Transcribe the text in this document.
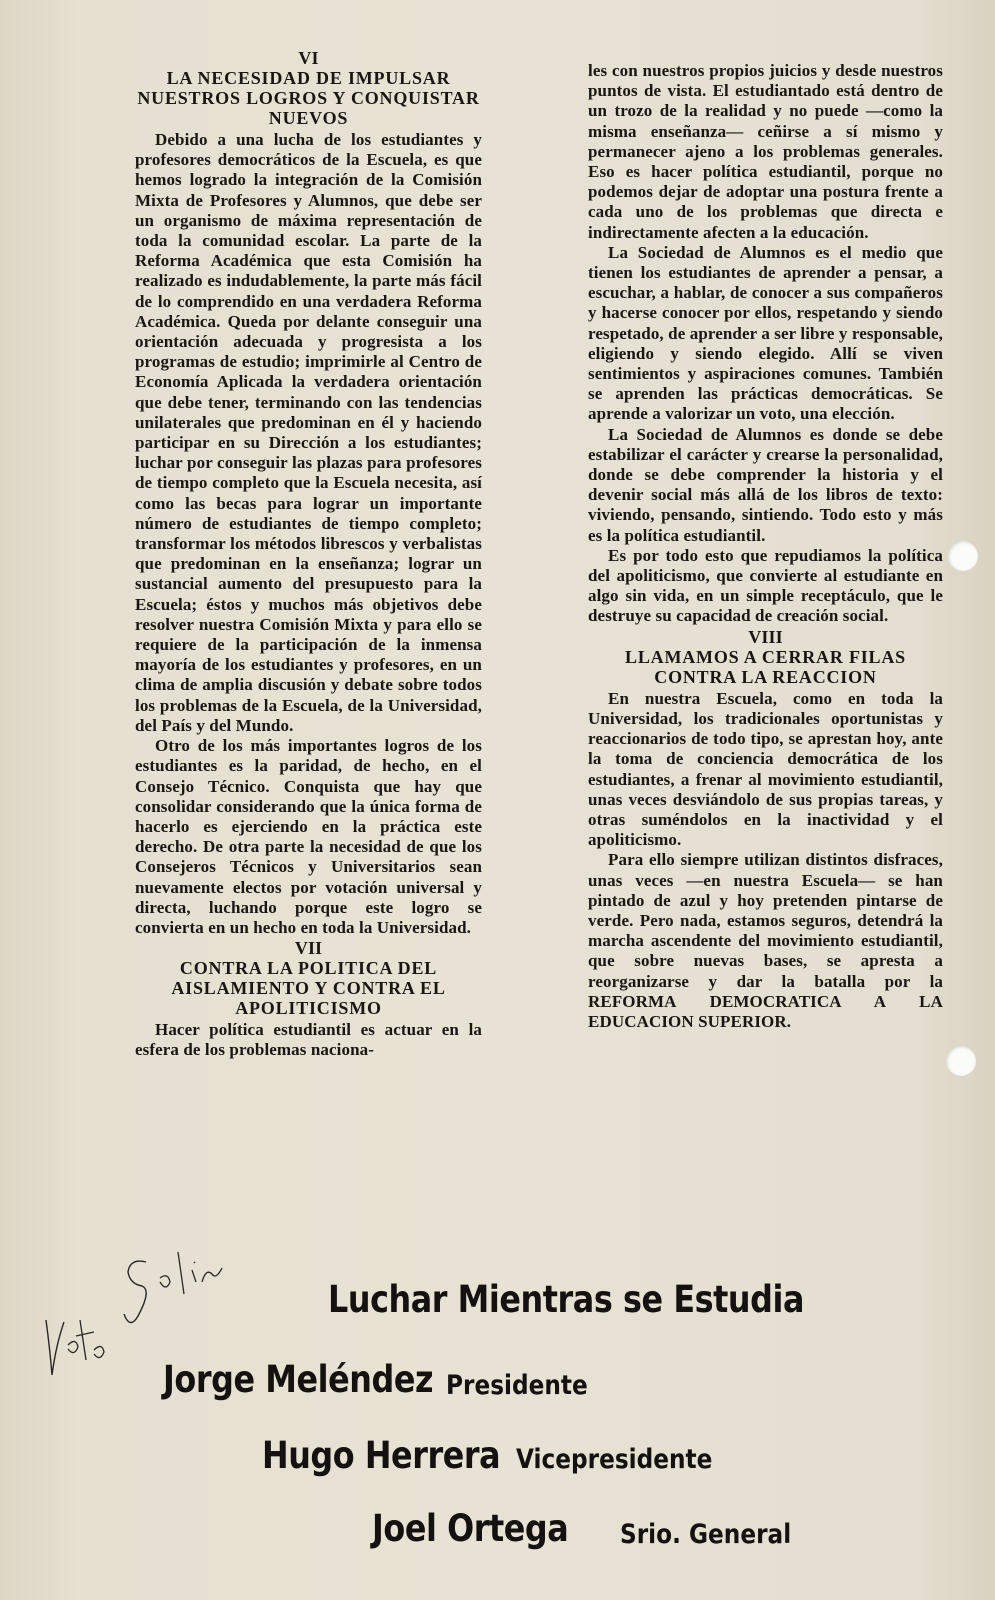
VI
LA NECESIDAD DE IMPULSAR NUESTROS LOGROS Y CONQUISTAR NUEVOS

Debido a una lucha de los estudiantes y profesores democráticos de la Escuela, es que hemos logrado la integración de la Comisión Mixta de Profesores y Alumnos, que debe ser un organismo de máxima representación de toda la comunidad escolar. La parte de la Reforma Académica que esta Comisión ha realizado es indudablemente, la parte más fácil de lo comprendido en una verdadera Reforma Académica. Queda por delante conseguir una orientación adecuada y progresista a los programas de estudio; imprimirle al Centro de Economía Aplicada la verdadera orientación que debe tener, terminando con las tendencias unilaterales que predominan en él y haciendo participar en su Dirección a los estudiantes; luchar por conseguir las plazas para profesores de tiempo completo que la Escuela necesita, así como las becas para lograr un importante número de estudiantes de tiempo completo; transformar los métodos librescos y verbalistas que predominan en la enseñanza; lograr un sustancial aumento del presupuesto para la Escuela; éstos y muchos más objetivos debe resolver nuestra Comisión Mixta y para ello se requiere de la participación de la inmensa mayoría de los estudiantes y profesores, en un clima de amplia discusión y debate sobre todos los problemas de la Escuela, de la Universidad, del País y del Mundo.

Otro de los más importantes logros de los estudiantes es la paridad, de hecho, en el Consejo Técnico. Conquista que hay que consolidar considerando que la única forma de hacerlo es ejerciendo en la práctica este derecho. De otra parte la necesidad de que los Consejeros Técnicos y Universitarios sean nuevamente electos por votación universal y directa, luchando porque este logro se convierta en un hecho en toda la Universidad.

VII
CONTRA LA POLITICA DEL AISLAMIENTO Y CONTRA EL APOLITICISMO

Hacer política estudiantil es actuar en la esfera de los problemas naciona-

les con nuestros propios juicios y desde nuestros puntos de vista. El estudiantado está dentro de un trozo de la realidad y no puede —como la misma enseñanza— ceñirse a sí mismo y permanecer ajeno a los problemas generales. Eso es hacer política estudiantil, porque no podemos dejar de adoptar una postura frente a cada uno de los problemas que directa e indirectamente afecten a la educación.

La Sociedad de Alumnos es el medio que tienen los estudiantes de aprender a pensar, a escuchar, a hablar, de conocer a sus compañeros y hacerse conocer por ellos, respetando y siendo respetado, de aprender a ser libre y responsable, eligiendo y siendo elegido. Allí se viven sentimientos y aspiraciones comunes. También se aprenden las prácticas democráticas. Se aprende a valorizar un voto, una elección.

La Sociedad de Alumnos es donde se debe estabilizar el carácter y crearse la personalidad, donde se debe comprender la historia y el devenir social más allá de los libros de texto: viviendo, pensando, sintiendo. Todo esto y más es la política estudiantil.

Es por todo esto que repudiamos la política del apoliticismo, que convierte al estudiante en algo sin vida, en un simple receptáculo, que le destruye su capacidad de creación social.

VIII
LLAMAMOS A CERRAR FILAS CONTRA LA REACCION

En nuestra Escuela, como en toda la Universidad, los tradicionales oportunistas y reaccionarios de todo tipo, se aprestan hoy, ante la toma de conciencia democrática de los estudiantes, a frenar al movimiento estudiantil, unas veces desviándolo de sus propias tareas, y otras suméndolos en la inactividad y el apoliticismo.

Para ello siempre utilizan distintos disfraces, unas veces —en nuestra Escuela— se han pintado de azul y hoy pretenden pintarse de verde. Pero nada, estamos seguros, detendrá la marcha ascendente del movimiento estudiantil, que sobre nuevas bases, se apresta a reorganizarse y dar la batalla por la REFORMA DEMOCRATICA A LA EDUCACION SUPERIOR.

Luchar Mientras se Estudia
Jorge Meléndez Presidente
Hugo Herrera Vicepresidente
Joel Ortega Srio. General
